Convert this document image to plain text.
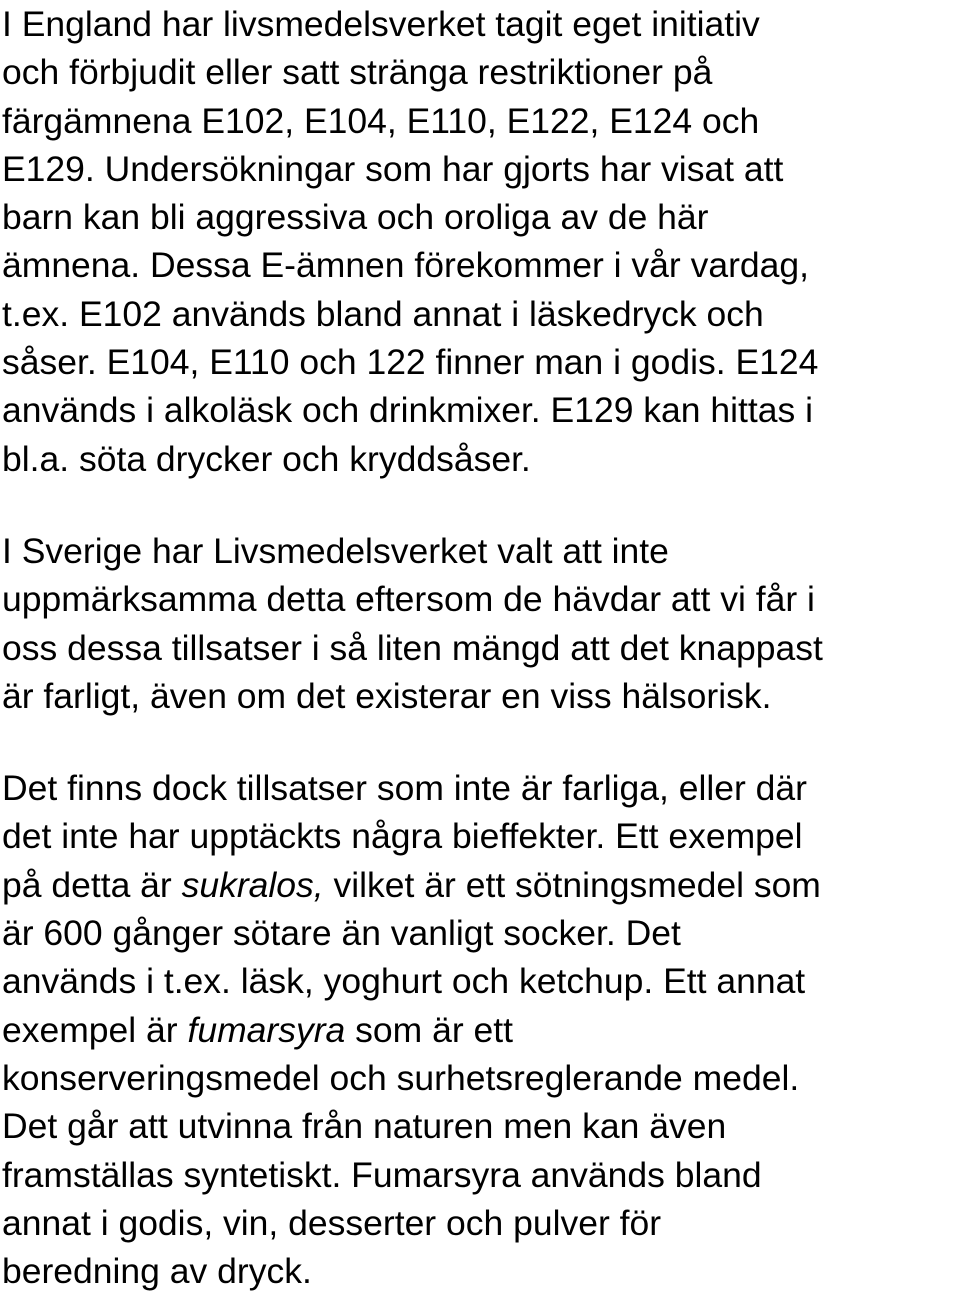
I England har livsmedelsverket tagit eget initiativ
och förbjudit eller satt stränga restriktioner på
färgämnena E102, E104, E110, E122, E124 och
E129. Undersökningar som har gjorts har visat att
barn kan bli aggressiva och oroliga av de här
ämnena. Dessa E-ämnen förekommer i vår vardag,
t.ex. E102 används bland annat i läskedryck och
såser. E104, E110 och 122 finner man i godis. E124
används i alkoläsk och drinkmixer. E129 kan hittas i
bl.a. söta drycker och kryddsåser.
I Sverige har Livsmedelsverket valt att inte
uppmärksamma detta eftersom de hävdar att vi får i
oss dessa tillsatser i så liten mängd att det knappast
är farligt, även om det existerar en viss hälsorisk.
Det finns dock tillsatser som inte är farliga, eller där
det inte har upptäckts några bieffekter. Ett exempel
på detta är sukralos, vilket är ett sötningsmedel som
är 600 gånger sötare än vanligt socker. Det
används i t.ex. läsk, yoghurt och ketchup. Ett annat
exempel är fumarsyra som är ett
konserveringsmedel och surhetsreglerande medel.
Det går att utvinna från naturen men kan även
framställas syntetiskt. Fumarsyra används bland
annat i godis, vin, desserter och pulver för
beredning av dryck.
